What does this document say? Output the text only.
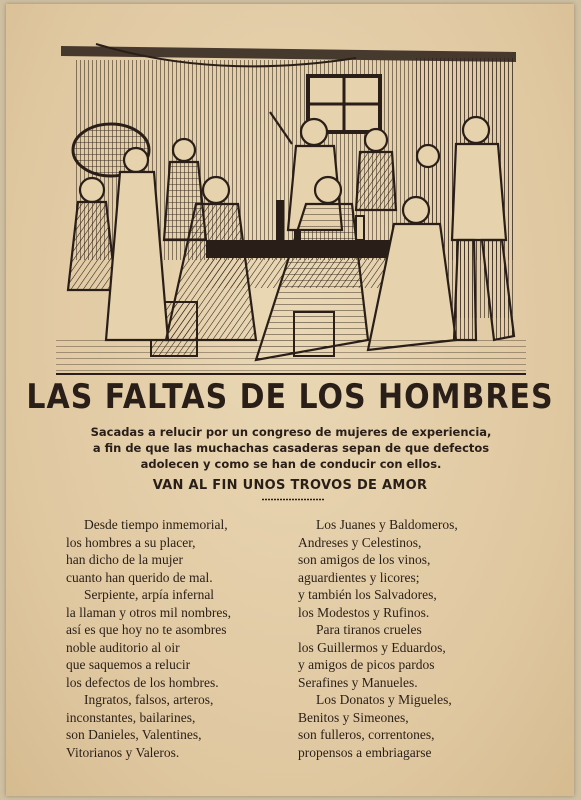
LAS FALTAS DE LOS HOMBRES
Sacadas a relucir por un congreso de mujeres de experiencia,
a fin de que las muchachas casaderas sepan de que defectos
adolecen y como se han de conducir con ellos.
VAN AL FIN UNOS TROVOS DE AMOR
Desde tiempo inmemorial,
los hombres a su placer,
han dicho de la mujer
cuanto han querido de mal.
Serpiente, arpía infernal
la llaman y otros mil nombres,
así es que hoy no te asombres
noble auditorio al oir
que saquemos a relucir
los defectos de los hombres.
Ingratos, falsos, arteros,
inconstantes, bailarines,
son Danieles, Valentines,
Vitorianos y Valeros.
Los Juanes y Baldomeros,
Andreses y Celestinos,
son amigos de los vinos,
aguardientes y licores;
y también los Salvadores,
los Modestos y Rufinos.
Para tiranos crueles
los Guillermos y Eduardos,
y amigos de picos pardos
Serafines y Manueles.
Los Donatos y Migueles,
Benitos y Simeones,
son fulleros, correntones,
propensos a embriagarse
